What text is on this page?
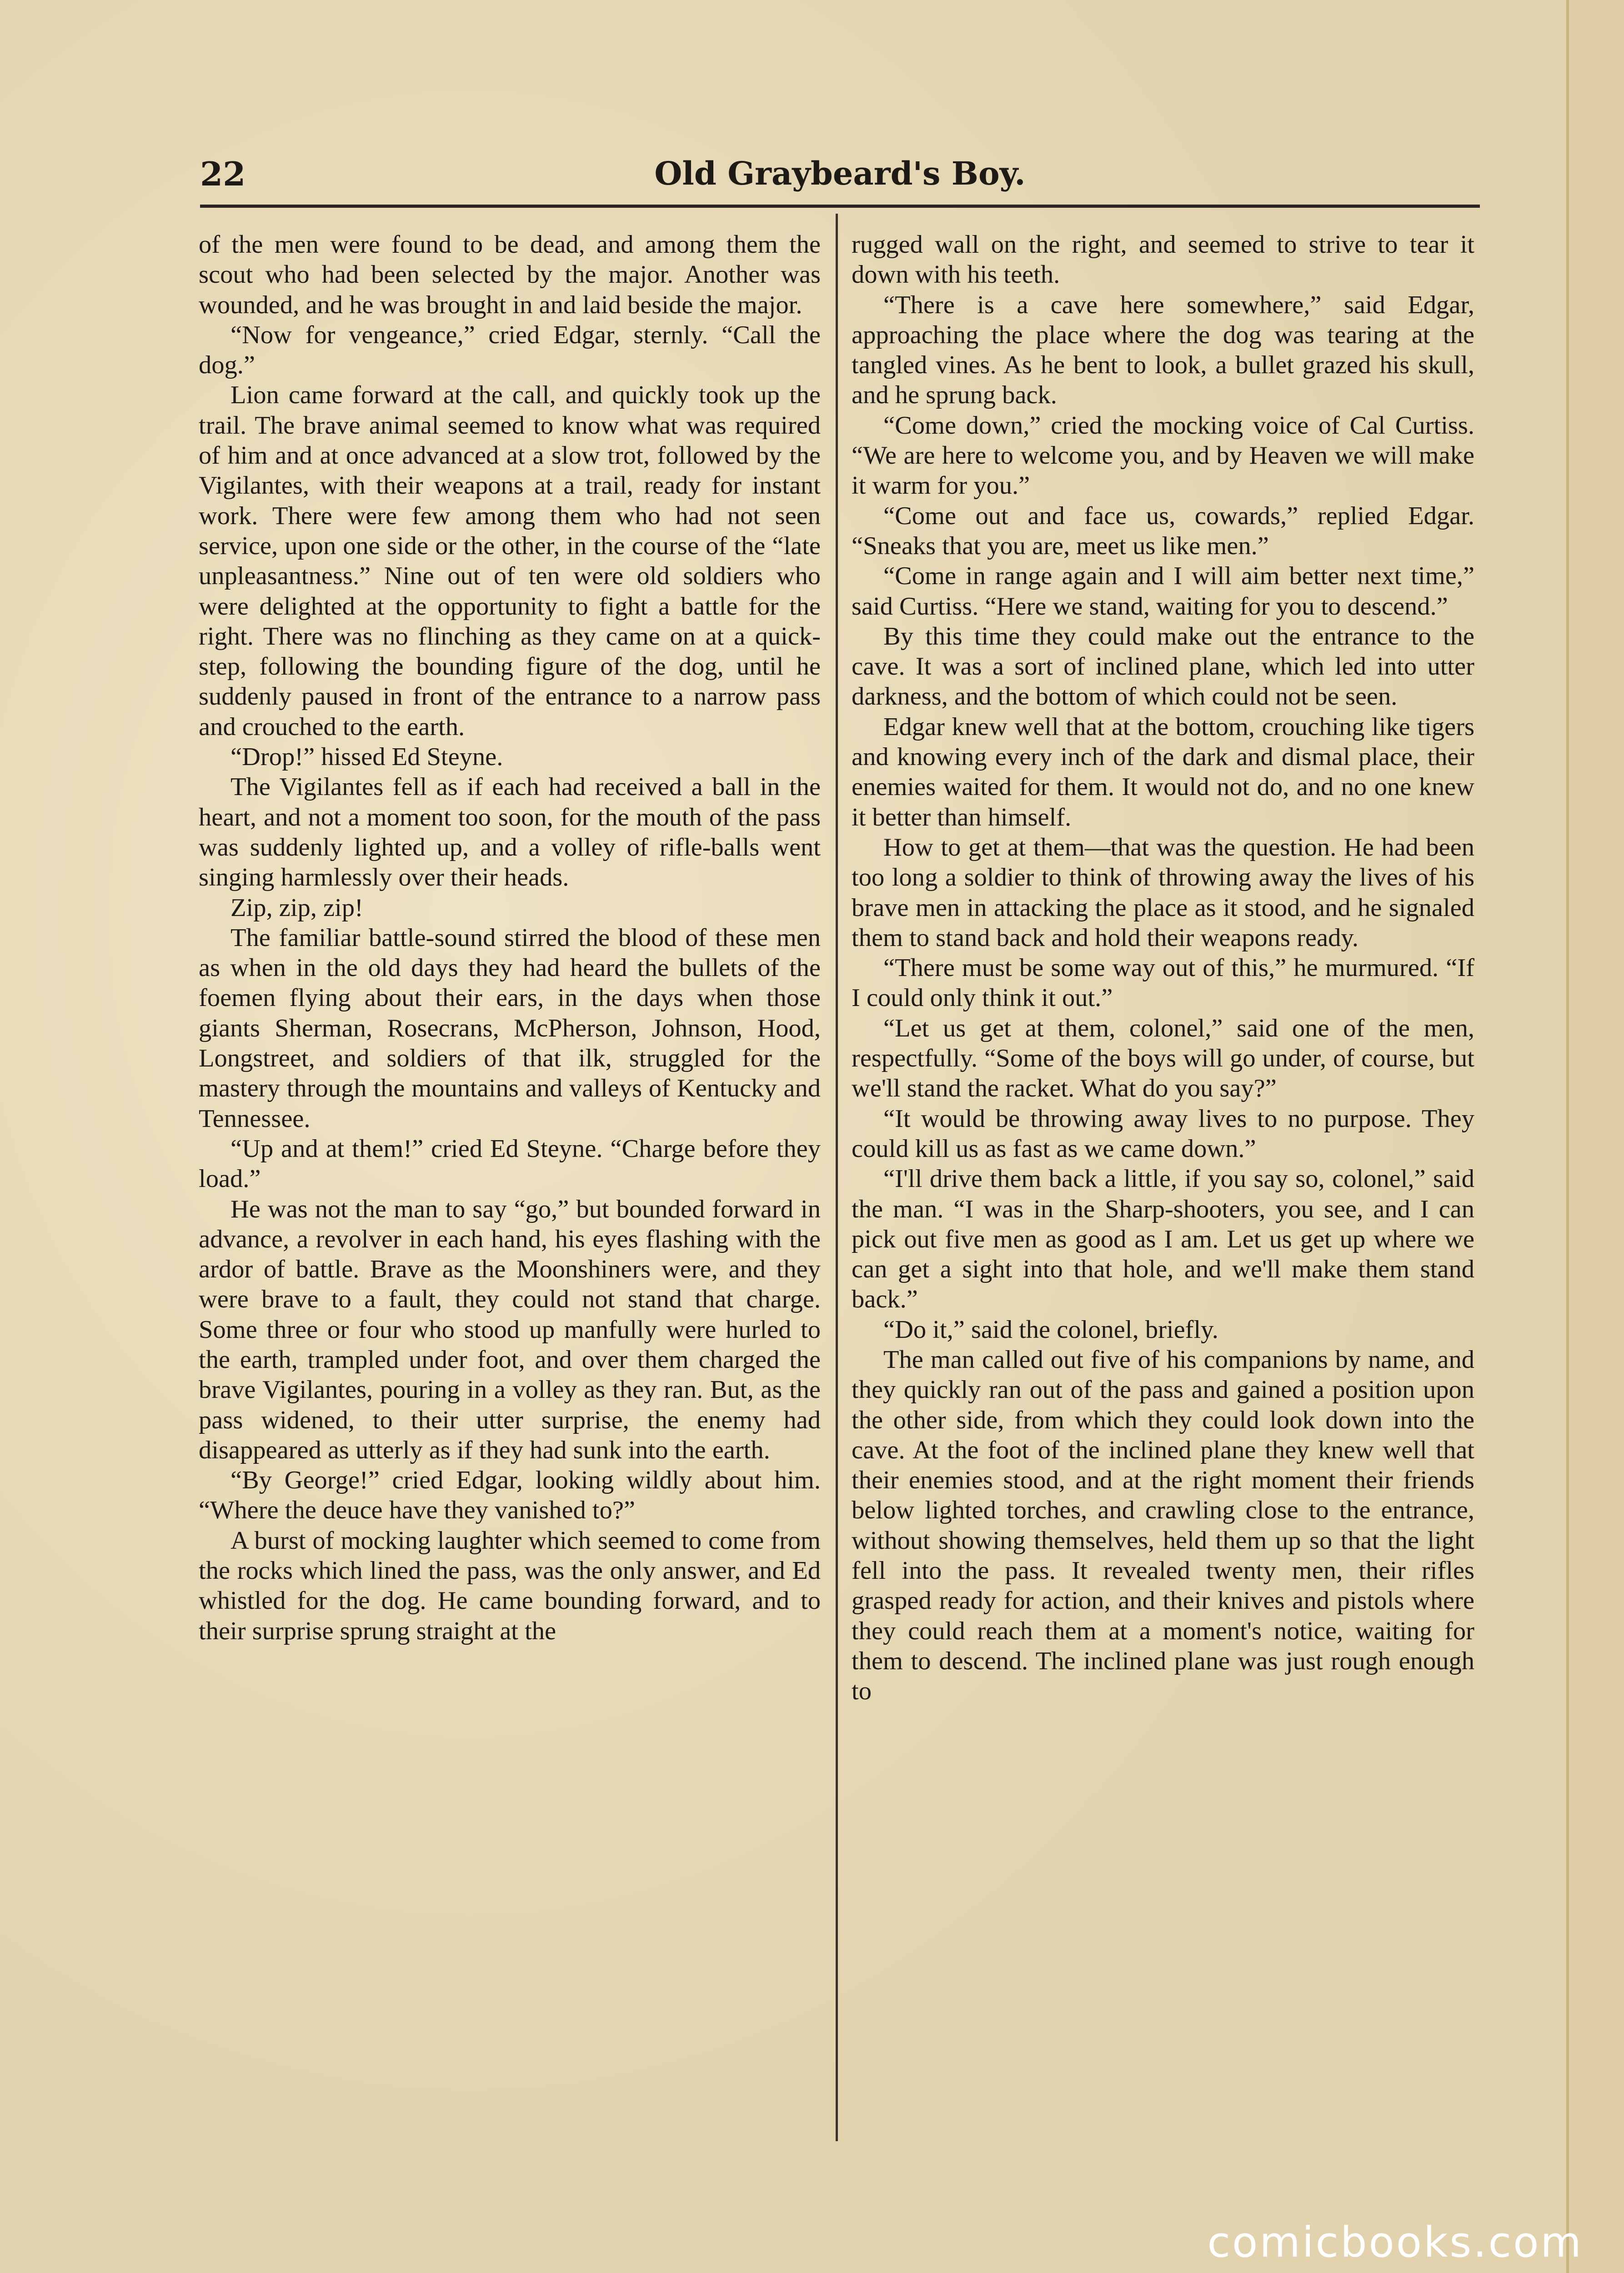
22	Old Graybeard's Boy.

of the men were found to be dead, and among them the scout who had been selected by the major. Another was wounded, and he was brought in and laid beside the major.

“Now for vengeance,” cried Edgar, sternly. “Call the dog.”

Lion came forward at the call, and quickly took up the trail. The brave animal seemed to know what was required of him and at once advanced at a slow trot, followed by the Vigilantes, with their weapons at a trail, ready for instant work. There were few among them who had not seen service, upon one side or the other, in the course of the “late unpleasantness.” Nine out of ten were old soldiers who were delighted at the opportunity to fight a battle for the right. There was no flinching as they came on at a quick-step, following the bounding figure of the dog, until he suddenly paused in front of the entrance to a narrow pass and crouched to the earth.

“Drop!” hissed Ed Steyne.

The Vigilantes fell as if each had received a ball in the heart, and not a moment too soon, for the mouth of the pass was suddenly lighted up, and a volley of rifle-balls went singing harmlessly over their heads.

Zip, zip, zip!

The familiar battle-sound stirred the blood of these men as when in the old days they had heard the bullets of the foemen flying about their ears, in the days when those giants Sherman, Rosecrans, McPherson, Johnson, Hood, Longstreet, and soldiers of that ilk, struggled for the mastery through the mountains and valleys of Kentucky and Tennessee.

“Up and at them!” cried Ed Steyne. “Charge before they load.”

He was not the man to say “go,” but bounded forward in advance, a revolver in each hand, his eyes flashing with the ardor of battle. Brave as the Moonshiners were, and they were brave to a fault, they could not stand that charge. Some three or four who stood up manfully were hurled to the earth, trampled under foot, and over them charged the brave Vigilantes, pouring in a volley as they ran. But, as the pass widened, to their utter surprise, the enemy had disappeared as utterly as if they had sunk into the earth.

“By George!” cried Edgar, looking wildly about him. “Where the deuce have they vanished to?”

A burst of mocking laughter which seemed to come from the rocks which lined the pass, was the only answer, and Ed whistled for the dog. He came bounding forward, and to their surprise sprung straight at the

rugged wall on the right, and seemed to strive to tear it down with his teeth.

“There is a cave here somewhere,” said Edgar, approaching the place where the dog was tearing at the tangled vines. As he bent to look, a bullet grazed his skull, and he sprung back.

“Come down,” cried the mocking voice of Cal Curtiss. “We are here to welcome you, and by Heaven we will make it warm for you.”

“Come out and face us, cowards,” replied Edgar. “Sneaks that you are, meet us like men.”

“Come in range again and I will aim better next time,” said Curtiss. “Here we stand, waiting for you to descend.”

By this time they could make out the entrance to the cave. It was a sort of inclined plane, which led into utter darkness, and the bottom of which could not be seen.

Edgar knew well that at the bottom, crouching like tigers and knowing every inch of the dark and dismal place, their enemies waited for them. It would not do, and no one knew it better than himself.

How to get at them—that was the question. He had been too long a soldier to think of throwing away the lives of his brave men in attacking the place as it stood, and he signaled them to stand back and hold their weapons ready.

“There must be some way out of this,” he murmured. “If I could only think it out.”

“Let us get at them, colonel,” said one of the men, respectfully. “Some of the boys will go under, of course, but we'll stand the racket. What do you say?”

“It would be throwing away lives to no purpose. They could kill us as fast as we came down.”

“I'll drive them back a little, if you say so, colonel,” said the man. “I was in the Sharp-shooters, you see, and I can pick out five men as good as I am. Let us get up where we can get a sight into that hole, and we'll make them stand back.”

“Do it,” said the colonel, briefly.

The man called out five of his companions by name, and they quickly ran out of the pass and gained a position upon the other side, from which they could look down into the cave. At the foot of the inclined plane they knew well that their enemies stood, and at the right moment their friends below lighted torches, and crawling close to the entrance, without showing themselves, held them up so that the light fell into the pass. It revealed twenty men, their rifles grasped ready for action, and their knives and pistols where they could reach them at a moment's notice, waiting for them to descend. The inclined plane was just rough enough to

comicbooks.com
